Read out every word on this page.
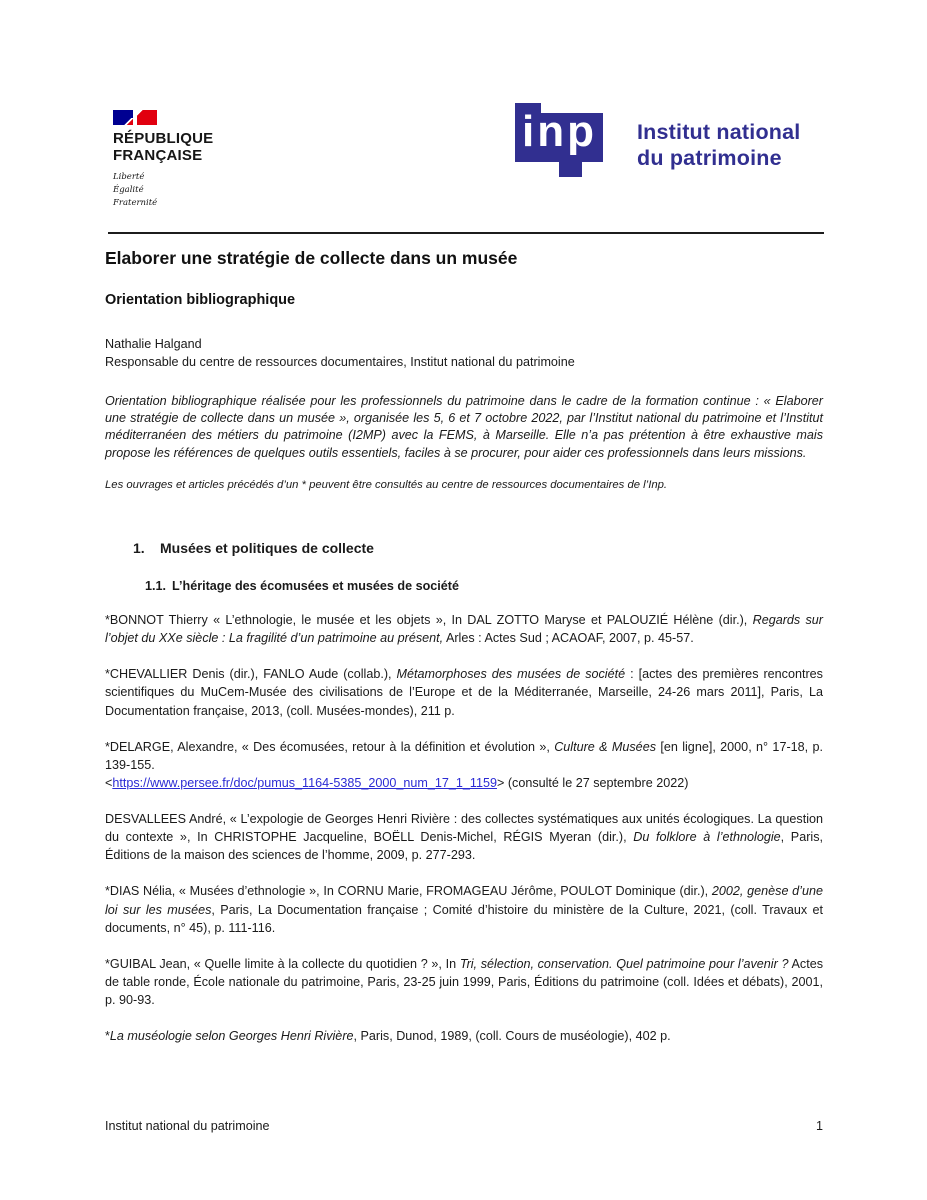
RÉPUBLIQUE
FRANÇAISE
Liberté
Égalité
Fraternité
inp Institut national
du patrimoine
Elaborer une stratégie de collecte dans un musée
Orientation bibliographique
Nathalie Halgand
Responsable du centre de ressources documentaires, Institut national du patrimoine

Orientation bibliographique réalisée pour les professionnels du patrimoine dans le cadre de la formation continue : « Elaborer une stratégie de collecte dans un musée », organisée les 5, 6 et 7 octobre 2022, par l’Institut national du patrimoine et l’Institut méditerranéen des métiers du patrimoine (I2MP) avec la FEMS, à Marseille. Elle n’a pas prétention à être exhaustive mais propose les références de quelques outils essentiels, faciles à se procurer, pour aider ces professionnels dans leurs missions.

Les ouvrages et articles précédés d’un * peuvent être consultés au centre de ressources documentaires de l’Inp.

1. Musées et politiques de collecte
1.1. L’héritage des écomusées et musées de société

*BONNOT Thierry « L’ethnologie, le musée et les objets », In DAL ZOTTO Maryse et PALOUZIÉ Hélène (dir.), Regards sur l’objet du XXe siècle : La fragilité d’un patrimoine au présent, Arles : Actes Sud ; ACAOAF, 2007, p. 45-57.

*CHEVALLIER Denis (dir.), FANLO Aude (collab.), Métamorphoses des musées de société : [actes des premières rencontres scientifiques du MuCem-Musée des civilisations de l’Europe et de la Méditerranée, Marseille, 24-26 mars 2011], Paris, La Documentation française, 2013, (coll. Musées-mondes), 211 p.

*DELARGE, Alexandre, « Des écomusées, retour à la définition et évolution », Culture & Musées [en ligne], 2000, n° 17-18, p. 139-155.
<https://www.persee.fr/doc/pumus_1164-5385_2000_num_17_1_1159> (consulté le 27 septembre 2022)

DESVALLEES André, « L’expologie de Georges Henri Rivière : des collectes systématiques aux unités écologiques. La question du contexte », In CHRISTOPHE Jacqueline, BOËLL Denis-Michel, RÉGIS Myeran (dir.), Du folklore à l’ethnologie, Paris, Éditions de la maison des sciences de l’homme, 2009, p. 277-293.

*DIAS Nélia, « Musées d’ethnologie », In CORNU Marie, FROMAGEAU Jérôme, POULOT Dominique (dir.), 2002, genèse d’une loi sur les musées, Paris, La Documentation française ; Comité d’histoire du ministère de la Culture, 2021, (coll. Travaux et documents, n° 45), p. 111-116.

*GUIBAL Jean, « Quelle limite à la collecte du quotidien ? », In Tri, sélection, conservation. Quel patrimoine pour l’avenir ? Actes de table ronde, École nationale du patrimoine, Paris, 23-25 juin 1999, Paris, Éditions du patrimoine (coll. Idées et débats), 2001, p. 90-93.

*La muséologie selon Georges Henri Rivière, Paris, Dunod, 1989, (coll. Cours de muséologie), 402 p.

Institut national du patrimoine	1
